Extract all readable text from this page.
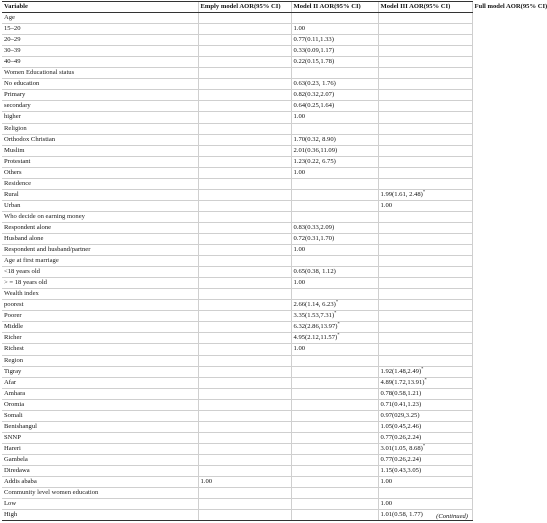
Variable	Emply model AOR(95% CI)	Model II AOR(95% CI)	Model III AOR(95% CI)	Full model AOR(95% CI)
Age				
15–20		1.00		
20–29		0.77(0.11,1.33)		
30–39		0.33(0.09,1.17)		
40–49		0.22(0.15,1.78)		
Women Educational status				
No education		0.63(0.23, 1.76)		
Primary		0.82(0.32,2.07)		
secondary		0.64(0.25,1.64)		
higher		1.00		
Religion				
Orthodox Christian		1.70(0.32, 8.90)		
Muslim		2.01(0.36,11.09)		
Protestant		1.23(0.22, 6.75)		
Others		1.00		
Residence				
Rural			1.99(1.61, 2.48)*	
Urban			1.00	
Who decide on earning money				
Respondent alone		0.83(0.33,2.09)		
Husband alone		0.72(0.31,1.70)		
Respondent and husband/partner		1.00		
Age at first marriage				
<18 years old		0.65(0.38, 1.12)		
> = 18 years old		1.00		
Wealth index				
poorest		2.66(1.14, 6.23)*		
Poorer		3.35(1.53,7.31)*		
Middle		6.32(2.86,13.97)*		
Richer		4.95(2.12,11.57)*		
Richest		1.00		
Region				
Tigray			1.92(1.48,2.49)*	
Afar			4.89(1.72,13.91)*	
Amhara			0.78(0.58,1.21)	
Oromia			0.71(0.41,1.23)	
Somali			0.97(029,3.25)	
Benishangul			1.05(0.45,2.46)	
SNNP			0.77(0.26,2.24)	
Hareri			3.01(1.05, 8.68)*	
Gambela			0.77(0.26,2.24)	
Diredawa			1.15(0.43,3.05)	
Addis ababa	1.00		1.00	
Community level women education				
Low			1.00	
High			1.01(0.58, 1.77)	(Continued)
